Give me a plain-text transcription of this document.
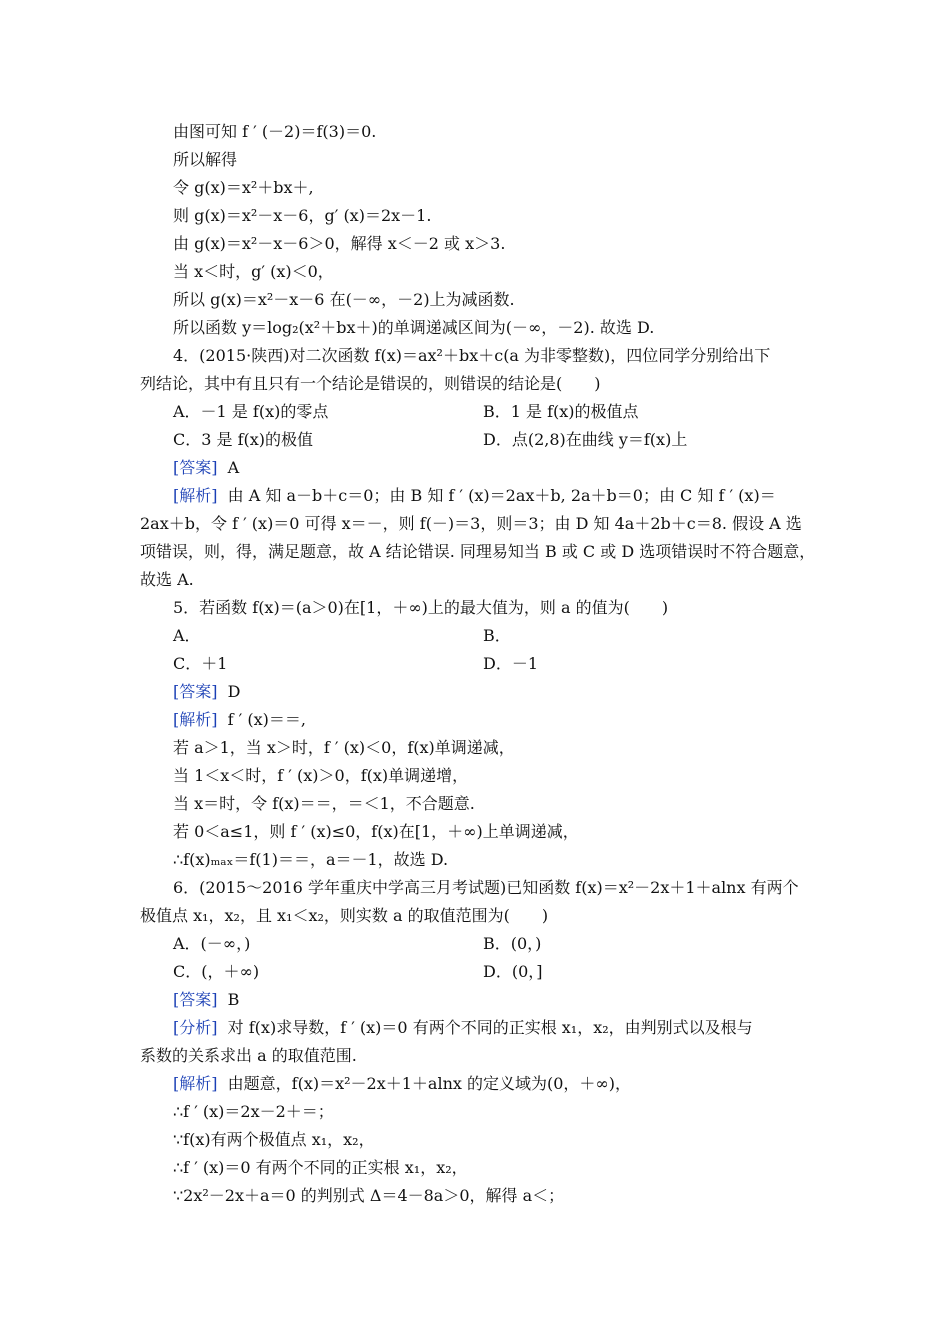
由图可知 f ′ (－2)＝f(3)＝0.
所以解得
令 g(x)＝x²＋bx＋,
则 g(x)＝x²－x－6，g′ (x)＝2x－1.
由 g(x)＝x²－x－6＞0，解得 x＜－2 或 x＞3.
当 x＜时，g′ (x)＜0，
所以 g(x)＝x²－x－6 在(－∞，－2)上为减函数.
所以函数 y＝log₂(x²＋bx＋)的单调递减区间为(－∞，－2). 故选 D.
4．(2015·陕西)对二次函数 f(x)＝ax²＋bx＋c(a 为非零整数)，四位同学分别给出下
列结论，其中有且只有一个结论是错误的，则错误的结论是(　　)
A．－1 是 f(x)的零点	B．1 是 f(x)的极值点
C．3 是 f(x)的极值	D．点(2,8)在曲线 y＝f(x)上
[答案] A
[解析] 由 A 知 a－b＋c＝0；由 B 知 f ′ (x)＝2ax＋b, 2a＋b＝0；由 C 知 f ′ (x)＝
2ax＋b，令 f ′ (x)＝0 可得 x＝－，则 f(－)＝3，则＝3；由 D 知 4a＋2b＋c＝8. 假设 A 选
项错误，则，得，满足题意，故 A 结论错误. 同理易知当 B 或 C 或 D 选项错误时不符合题意，
故选 A.
5．若函数 f(x)＝(a＞0)在[1，＋∞)上的最大值为，则 a 的值为(　　)
A．	B．
C．＋1	D．－1
[答案] D
[解析] f ′ (x)＝＝,
若 a＞1，当 x＞时，f ′ (x)＜0，f(x)单调递减，
当 1＜x＜时，f ′ (x)＞0，f(x)单调递增，
当 x＝时，令 f(x)＝＝，＝＜1，不合题意.
若 0＜a≤1，则 f ′ (x)≤0，f(x)在[1，＋∞)上单调递减，
∴f(x)ₘₐₓ＝f(1)＝＝，a＝－1，故选 D.
6．(2015～2016 学年重庆中学高三月考试题)已知函数 f(x)＝x²－2x＋1＋alnx 有两个
极值点 x₁，x₂，且 x₁＜x₂，则实数 a 的取值范围为(　　)
A．(－∞，)	B．(0，)
C．(，＋∞)	D．(0，]
[答案] B
[分析] 对 f(x)求导数，f ′ (x)＝0 有两个不同的正实根 x₁，x₂，由判别式以及根与
系数的关系求出 a 的取值范围.
[解析] 由题意，f(x)＝x²－2x＋1＋alnx 的定义域为(0，＋∞)，
∴f ′ (x)＝2x－2＋＝；
∵f(x)有两个极值点 x₁，x₂，
∴f ′ (x)＝0 有两个不同的正实根 x₁，x₂，
∵2x²－2x＋a＝0 的判别式 Δ＝4－8a＞0，解得 a＜；
